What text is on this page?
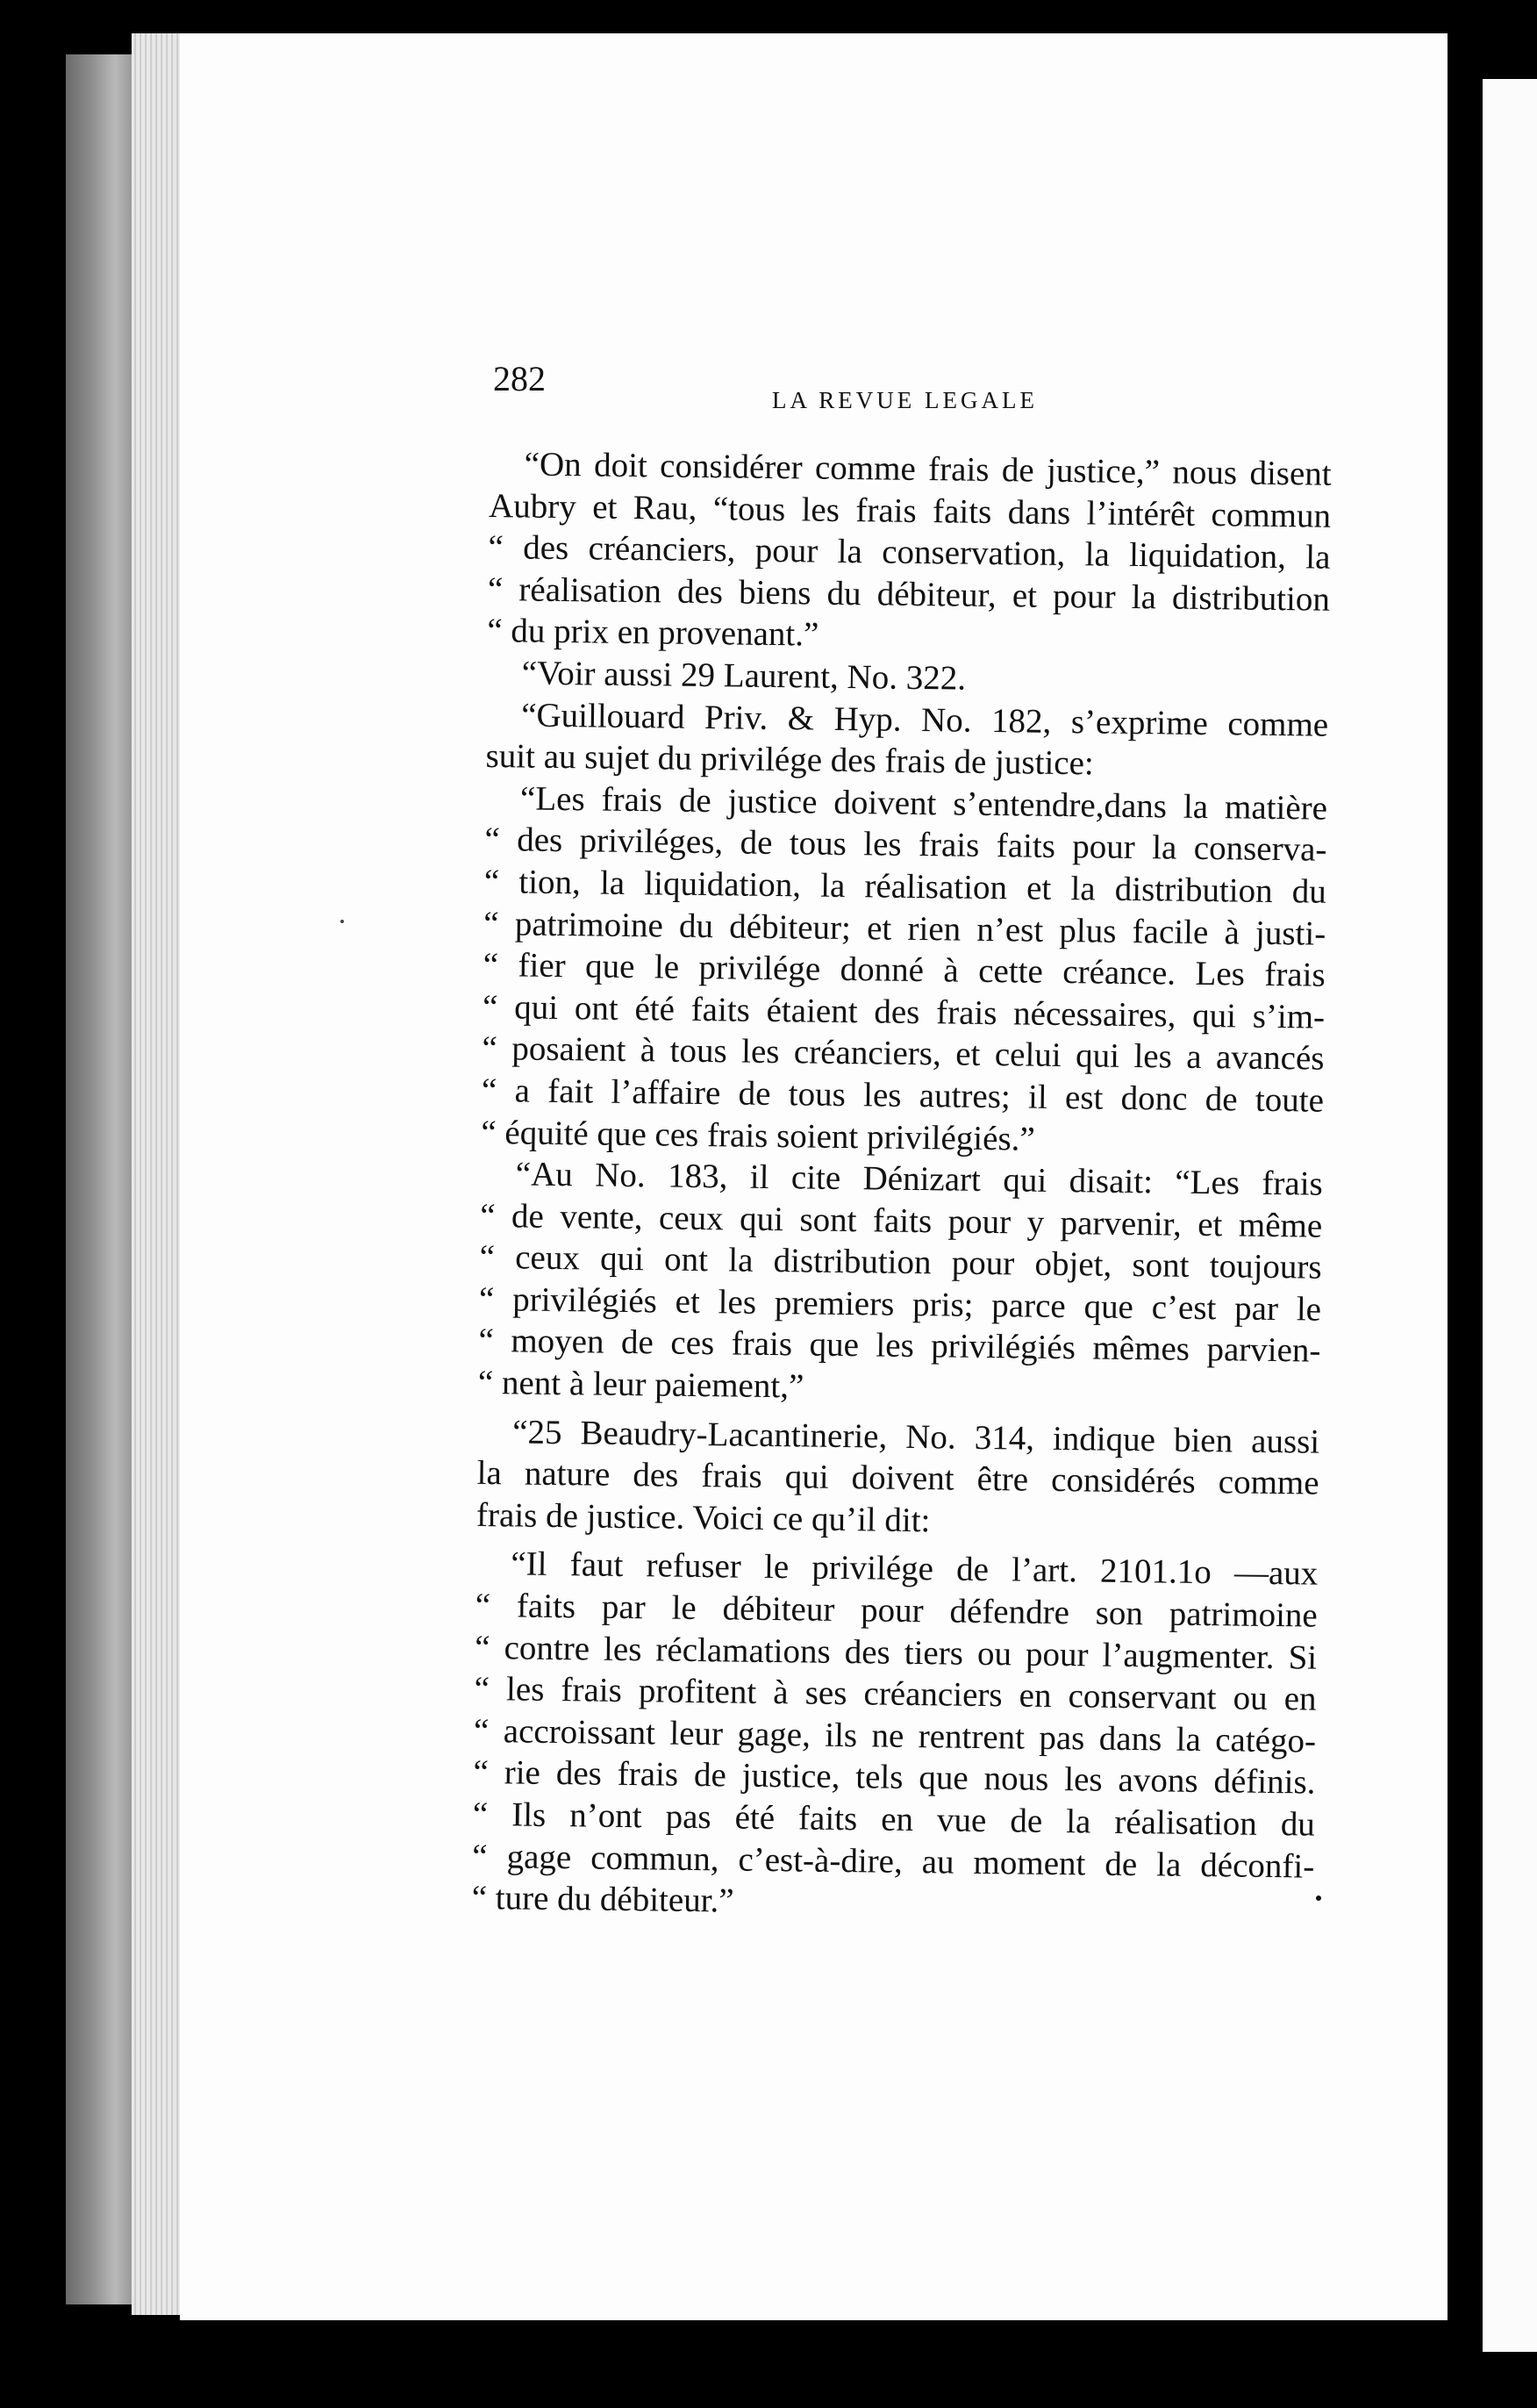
282
LA REVUE LEGALE
“On doit considérer comme frais de justice,” nous disent
Aubry et Rau, “tous les frais faits dans l’intérêt commun
“ des créanciers, pour la conservation, la liquidation, la
“ réalisation des biens du débiteur, et pour la distribution
“ du prix en provenant.”
“Voir aussi 29 Laurent, No. 322.
“Guillouard Priv. & Hyp. No. 182, s’exprime comme
suit au sujet du privilége des frais de justice:
“Les frais de justice doivent s’entendre,dans la matière
“ des priviléges, de tous les frais faits pour la conserva-
“ tion, la liquidation, la réalisation et la distribution du
“ patrimoine du débiteur; et rien n’est plus facile à justi-
“ fier que le privilége donné à cette créance. Les frais
“ qui ont été faits étaient des frais nécessaires, qui s’im-
“ posaient à tous les créanciers, et celui qui les a avancés
“ a fait l’affaire de tous les autres; il est donc de toute
“ équité que ces frais soient privilégiés.”
“Au No. 183, il cite Dénizart qui disait: “Les frais
“ de vente, ceux qui sont faits pour y parvenir, et même
“ ceux qui ont la distribution pour objet, sont toujours
“ privilégiés et les premiers pris; parce que c’est par le
“ moyen de ces frais que les privilégiés mêmes parvien-
“ nent à leur paiement,”
“25 Beaudry-Lacantinerie, No. 314, indique bien aussi
la nature des frais qui doivent être considérés comme
frais de justice. Voici ce qu’il dit:
“Il faut refuser le privilége de l’art. 2101.1o —aux
“ faits par le débiteur pour défendre son patrimoine
“ contre les réclamations des tiers ou pour l’augmenter. Si
“ les frais profitent à ses créanciers en conservant ou en
“ accroissant leur gage, ils ne rentrent pas dans la catégo-
“ rie des frais de justice, tels que nous les avons définis.
“ Ils n’ont pas été faits en vue de la réalisation du
“ gage commun, c’est-à-dire, au moment de la déconfi-
“ ture du débiteur.”
